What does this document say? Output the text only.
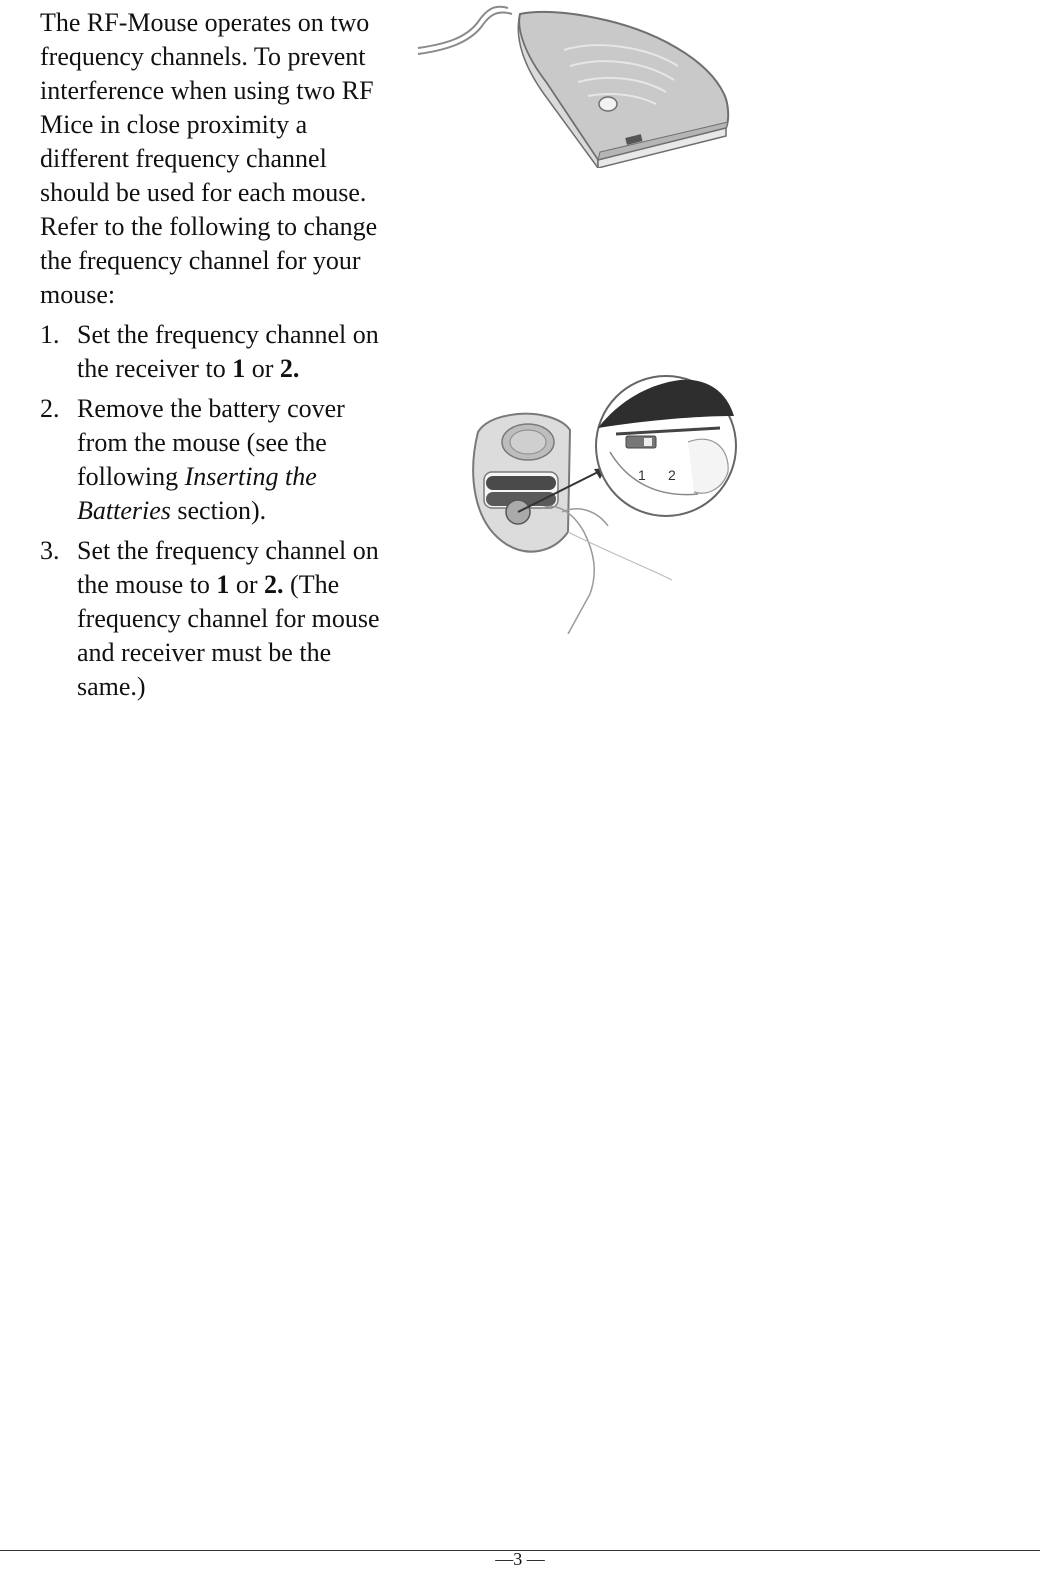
The RF-Mouse operates on two frequency channels. To prevent interference when using two RF Mice in close proximity a different frequency channel should be used for each mouse. Refer to the following to change the frequency channel for your mouse:

1. Set the frequency channel on the receiver to 1 or 2.
2. Remove the battery cover from the mouse (see the following Inserting the Batteries section).
3. Set the frequency channel on the mouse to 1 or 2. (The frequency channel for mouse and receiver must be the same.)
1 2
—3 —
